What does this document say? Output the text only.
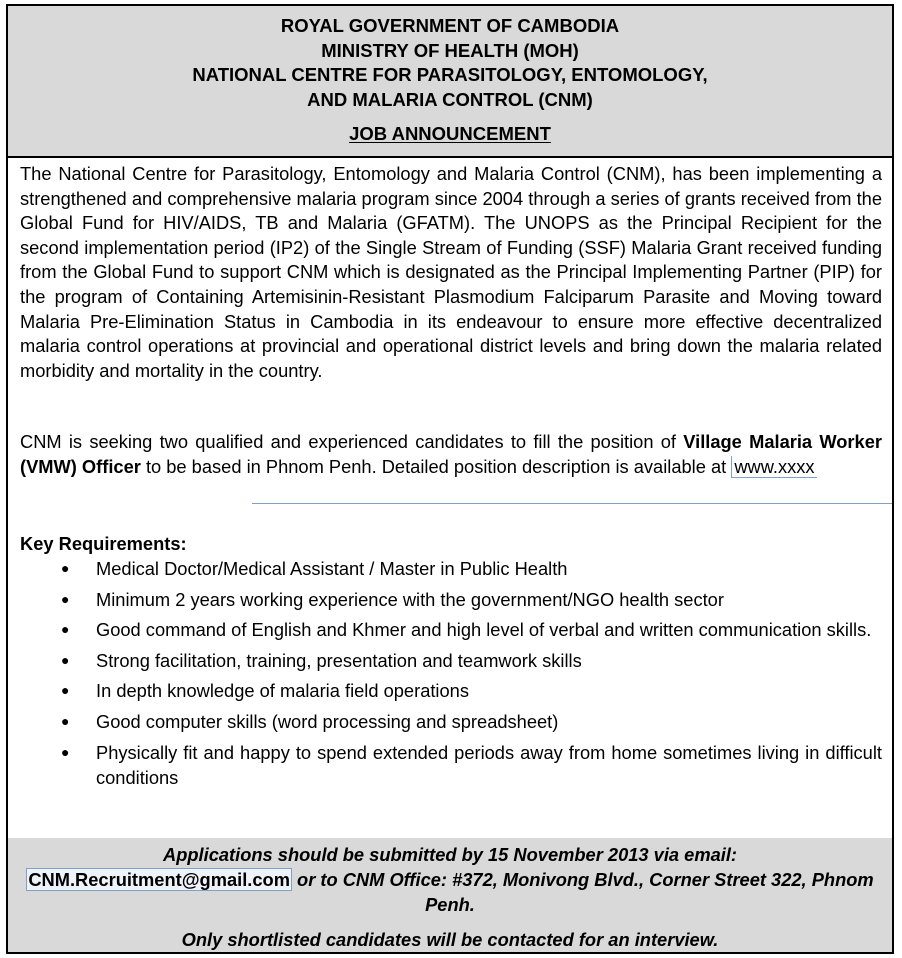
ROYAL GOVERNMENT OF CAMBODIA
MINISTRY OF HEALTH (MOH)
NATIONAL CENTRE FOR PARASITOLOGY, ENTOMOLOGY,
AND MALARIA CONTROL (CNM)
JOB ANNOUNCEMENT

The National Centre for Parasitology, Entomology and Malaria Control (CNM), has been implementing a strengthened and comprehensive malaria program since 2004 through a series of grants received from the Global Fund for HIV/AIDS, TB and Malaria (GFATM). The UNOPS as the Principal Recipient for the second implementation period (IP2) of the Single Stream of Funding (SSF) Malaria Grant received funding from the Global Fund to support CNM which is designated as the Principal Implementing Partner (PIP) for the program of Containing Artemisinin-Resistant Plasmodium Falciparum Parasite and Moving toward Malaria Pre-Elimination Status in Cambodia in its endeavour to ensure more effective decentralized malaria control operations at provincial and operational district levels and bring down the malaria related morbidity and mortality in the country.

CNM is seeking two qualified and experienced candidates to fill the position of Village Malaria Worker (VMW) Officer to be based in Phnom Penh. Detailed position description is available at www.xxxx

Key Requirements:

● Medical Doctor/Medical Assistant / Master in Public Health
● Minimum 2 years working experience with the government/NGO health sector
● Good command of English and Khmer and high level of verbal and written communication skills.
● Strong facilitation, training, presentation and teamwork skills
● In depth knowledge of malaria field operations
● Good computer skills (word processing and spreadsheet)
● Physically fit and happy to spend extended periods away from home sometimes living in difficult conditions
Applications should be submitted by 15 November 2013 via email:
CNM.Recruitment@gmail.com or to CNM Office: #372, Monivong Blvd., Corner Street 322, Phnom Penh.
Only shortlisted candidates will be contacted for an interview.
